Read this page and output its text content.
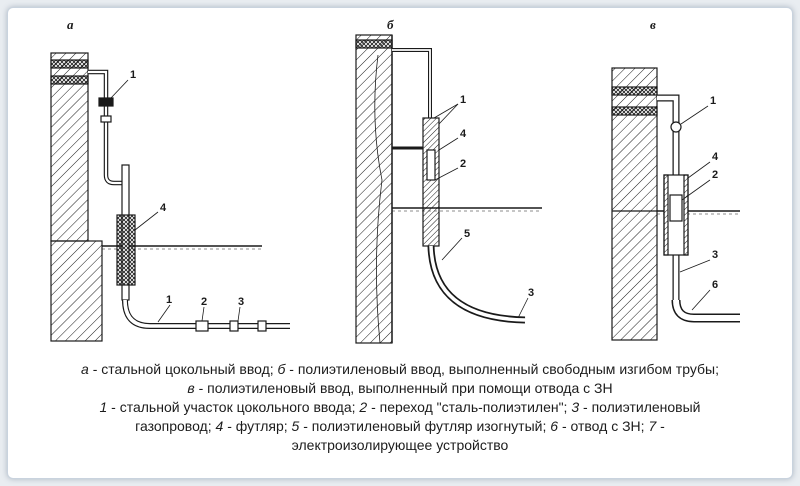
а
1
4
1	2	3
б
1
4
2
5
3
в
1
4
2
3
6

а - стальной цокольный ввод; б - полиэтиленовый ввод, выполненный свободным изгибом трубы;

в - полиэтиленовый ввод, выполненный при помощи отвода с ЗН

1 - стальной участок цокольного ввода; 2 - переход "сталь-полиэтилен"; 3 - полиэтиленовый

газопровод; 4 - футляр; 5 - полиэтиленовый футляр изогнутый; 6 - отвод с ЗН; 7 -

электроизолирующее устройство
